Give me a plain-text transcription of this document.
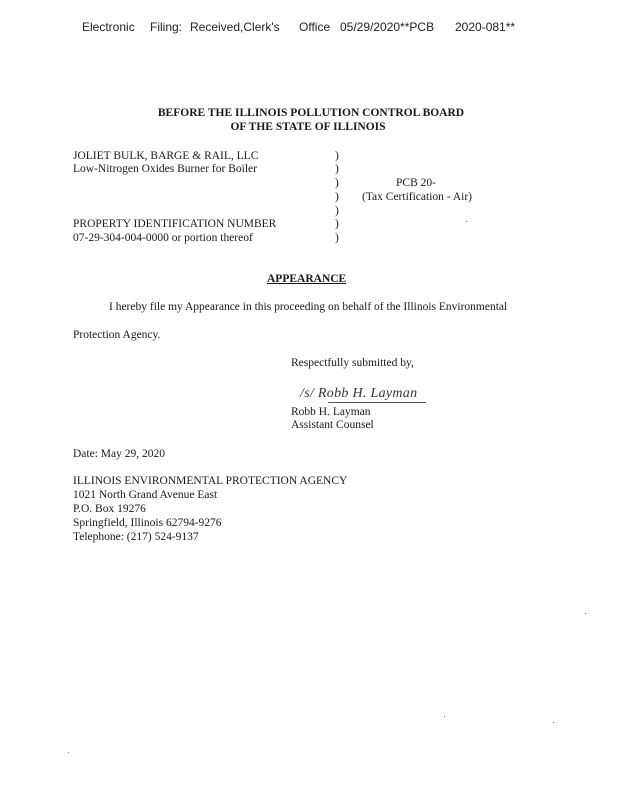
Electronic Filing: Received,Clerk's Office 05/29/2020**PCB 2020-081**
BEFORE THE ILLINOIS POLLUTION CONTROL BOARD
OF THE STATE OF ILLINOIS
JOLIET BULK, BARGE & RAIL, LLC
Low-Nitrogen Oxides Burner for Boiler
PROPERTY IDENTIFICATION NUMBER
07-29-304-004-0000 or portion thereof
)
)
)
)
)
)
)
PCB 20-
(Tax Certification - Air)
APPEARANCE
I hereby file my Appearance in this proceeding on behalf of the Illinois Environmental
Protection Agency.
Respectfully submitted by,
/s/ Robb H. Layman
Robb H. Layman
Assistant Counsel
Date: May 29, 2020
ILLINOIS ENVIRONMENTAL PROTECTION AGENCY
1021 North Grand Avenue East
P.O. Box 19276
Springfield, Illinois 62794-9276
Telephone: (217) 524-9137
